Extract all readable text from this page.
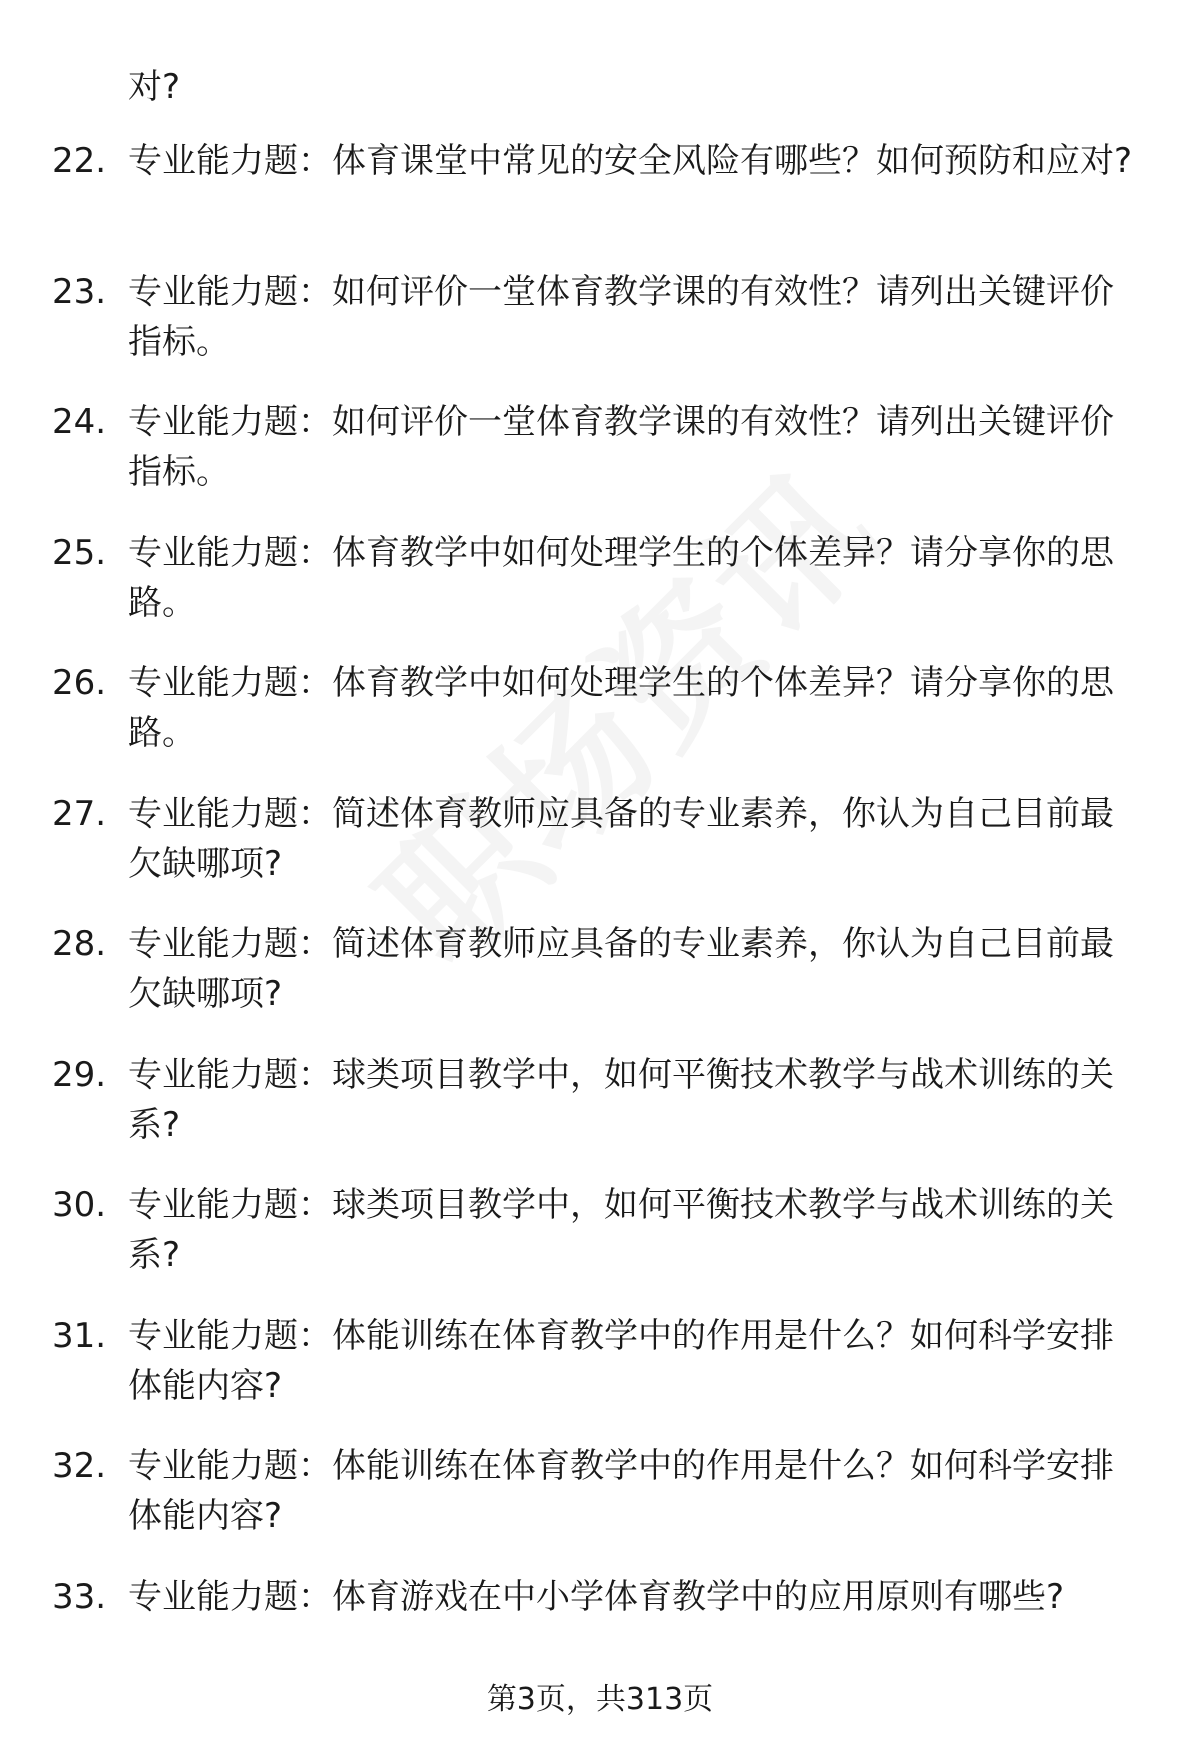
对?
22. 专业能力题：体育课堂中常见的安全风险有哪些？如何预防和应对?
23. 专业能力题：如何评价一堂体育教学课的有效性？请列出关键评价指标。
24. 专业能力题：如何评价一堂体育教学课的有效性？请列出关键评价指标。
25. 专业能力题：体育教学中如何处理学生的个体差异？请分享你的思路。
26. 专业能力题：体育教学中如何处理学生的个体差异？请分享你的思路。
27. 专业能力题：简述体育教师应具备的专业素养，你认为自己目前最欠缺哪项?
28. 专业能力题：简述体育教师应具备的专业素养，你认为自己目前最欠缺哪项?
29. 专业能力题：球类项目教学中，如何平衡技术教学与战术训练的关系?
30. 专业能力题：球类项目教学中，如何平衡技术教学与战术训练的关系?
31. 专业能力题：体能训练在体育教学中的作用是什么？如何科学安排体能内容?
32. 专业能力题：体能训练在体育教学中的作用是什么？如何科学安排体能内容?
33. 专业能力题：体育游戏在中小学体育教学中的应用原则有哪些?
第3页，共313页
